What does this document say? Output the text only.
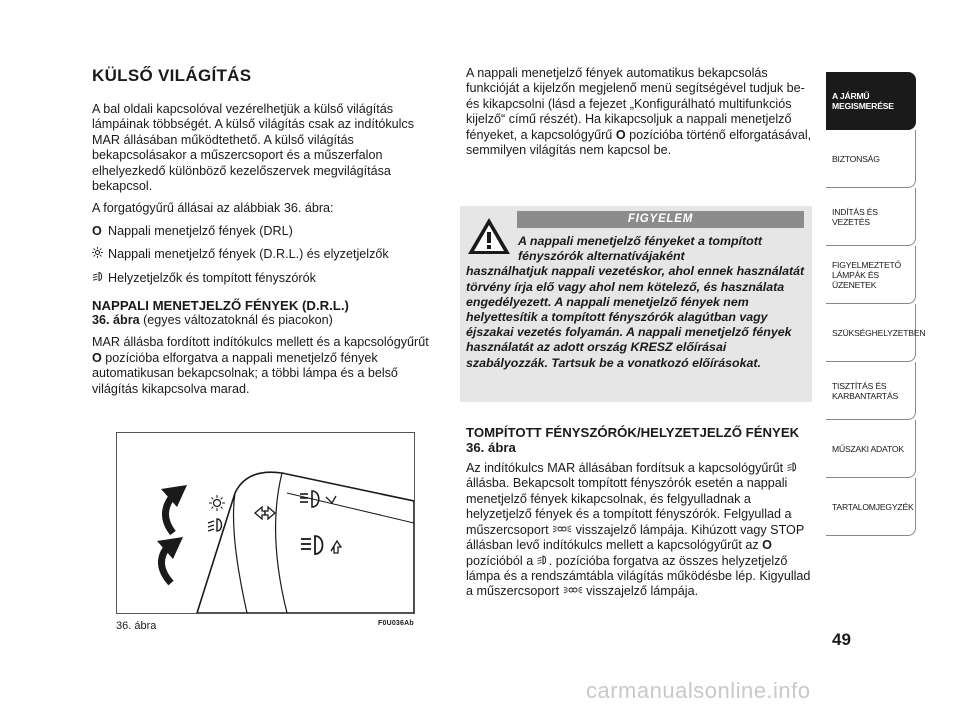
KÜLSŐ VILÁGÍTÁS

A bal oldali kapcsolóval vezérelhetjük a külső világítás lámpáinak többségét. A külső világítás csak az indítókulcs MAR állásában működtethető. A külső világítás bekapcsolásakor a műszercsoport és a műszerfalon elhelyezkedő különböző kezelőszervek megvilágítása bekapcsol.

A forgatógyűrű állásai az alábbiak 36. ábra:

O Nappali menetjelző fények (DRL)
Nappali menetjelző fények (D.R.L.) és elyzetjelzők
Helyzetjelzők és tompított fényszórók
NAPPALI MENETJELZŐ FÉNYEK (D.R.L.)

36. ábra (egyes változatoknál és piacokon)

MAR állásba fordított indítókulcs mellett és a kapcsológyűrűt O pozícióba elforgatva a nappali menetjelző fények automatikusan bekapcsolnak; a többi lámpa és a belső világítás kikapcsolva marad.

36. ábra	F0U036Ab

A nappali menetjelző fények automatikus bekapcsolás funkcióját a kijelzőn megjelenő menü segítségével tudjuk be- és kikapcsolni (lásd a fejezet „Konfigurálható multifunkciós kijelző“ című részét). Ha kikapcsoljuk a nappali menetjelző fényeket, a kapcsológyűrű O pozícióba történő elforgatásával, semmilyen világítás nem kapcsol be.

FIGYELEM
A nappali menetjelző fényeket a tompított fényszórók alternatívájaként
használhatjuk nappali vezetéskor, ahol ennek használatát törvény írja elő vagy ahol nem kötelező, és használata engedélyezett. A nappali menetjelző fények nem helyettesítik a tompított fényszórók alagútban vagy éjszakai vezetés folyamán. A nappali menetjelző fények használatát az adott ország KRESZ előírásai szabályozzák. Tartsuk be a vonatkozó előírásokat.
TOMPÍTOTT FÉNYSZÓRÓK/HELYZETJELZŐ FÉNYEK 36. ábra

Az indítókulcs MAR állásában fordítsuk a kapcsológyűrűt  állásba. Bekapcsolt tompított fényszórók esetén a nappali menetjelző fények kikapcsolnak, és felgyulladnak a helyzetjelző fények és a tompított fényszórók. Felgyullad a műszercsoport  visszajelző lámpája. Kihúzott vagy STOP állásban levő indítókulcs mellett a kapcsológyűrűt az O pozícióból a . pozícióba forgatva az összes helyzetjelző lámpa és a rendszámtábla világítás működésbe lép. Kigyullad a műszercsoport  visszajelző lámpája.

A JÁRMŰ MEGISMERÉSE
BIZTONSÁG
INDÍTÁS ÉS VEZETÉS
FIGYELMEZTETŐ LÁMPÁK ÉS ÜZENETEK
SZÜKSÉGHELYZETBEN
TISZTÍTÁS ÉS KARBANTARTÁS
MŰSZAKI ADATOK
TARTALOMJEGYZÉK
49
carmanualsonline.info
